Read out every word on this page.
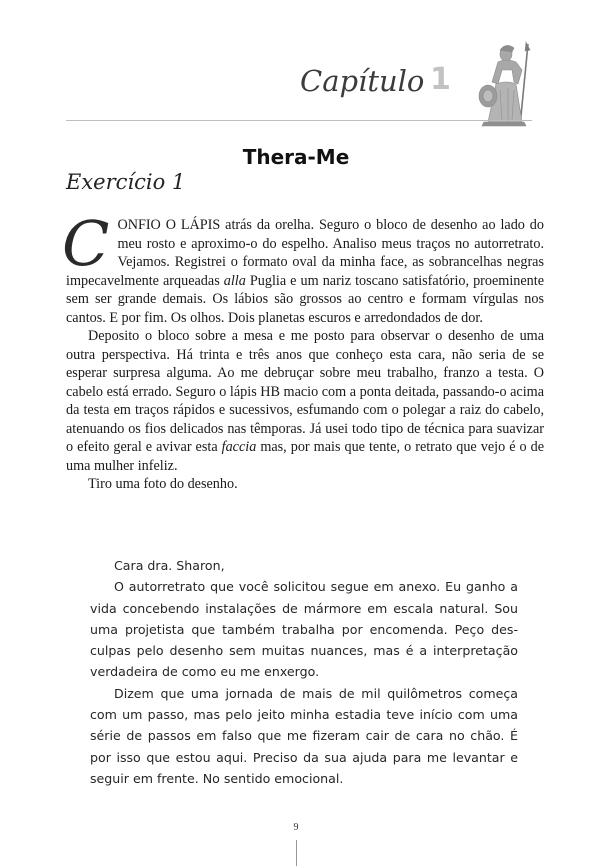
Capítulo 1
Thera-Me
Exercício 1

CONFIO O LÁPIS atrás da orelha. Seguro o bloco de desenho ao lado do meu rosto e aproximo-o do espelho. Analiso meus traços no autorretrato. Vejamos. Registrei o formato oval da minha face, as sobrancelhas negras impecavelmente arqueadas alla Puglia e um nariz toscano satisfatório, proeminente sem ser grande demais. Os lábios são grossos ao centro e formam vírgulas nos cantos. E por fim. Os olhos. Dois planetas escuros e arredondados de dor.

Deposito o bloco sobre a mesa e me posto para observar o desenho de uma outra perspectiva. Há trinta e três anos que conheço esta cara, não seria de se esperar surpresa alguma. Ao me debruçar sobre meu trabalho, franzo a testa. O cabelo está errado. Seguro o lápis HB macio com a ponta deitada, passando-o acima da testa em traços rápidos e sucessivos, esfumando com o polegar a raiz do cabelo, atenuando os fios delicados nas têmporas. Já usei todo tipo de técnica para suavizar o efeito geral e avivar esta faccia mas, por mais que tente, o retrato que vejo é o de uma mulher infeliz.

Tiro uma foto do desenho.

Cara dra. Sharon,

O autorretrato que você solicitou segue em anexo. Eu ganho a vida concebendo instalações de mármore em escala natural. Sou uma projetista que também trabalha por encomenda. Peço desculpas pelo desenho sem muitas nuances, mas é a interpretação verdadeira de como eu me enxergo.

Dizem que uma jornada de mais de mil quilômetros começa com um passo, mas pelo jeito minha estadia teve início com uma série de passos em falso que me fizeram cair de cara no chão. É por isso que estou aqui. Preciso da sua ajuda para me levantar e seguir em frente. No sentido emocional.

9
